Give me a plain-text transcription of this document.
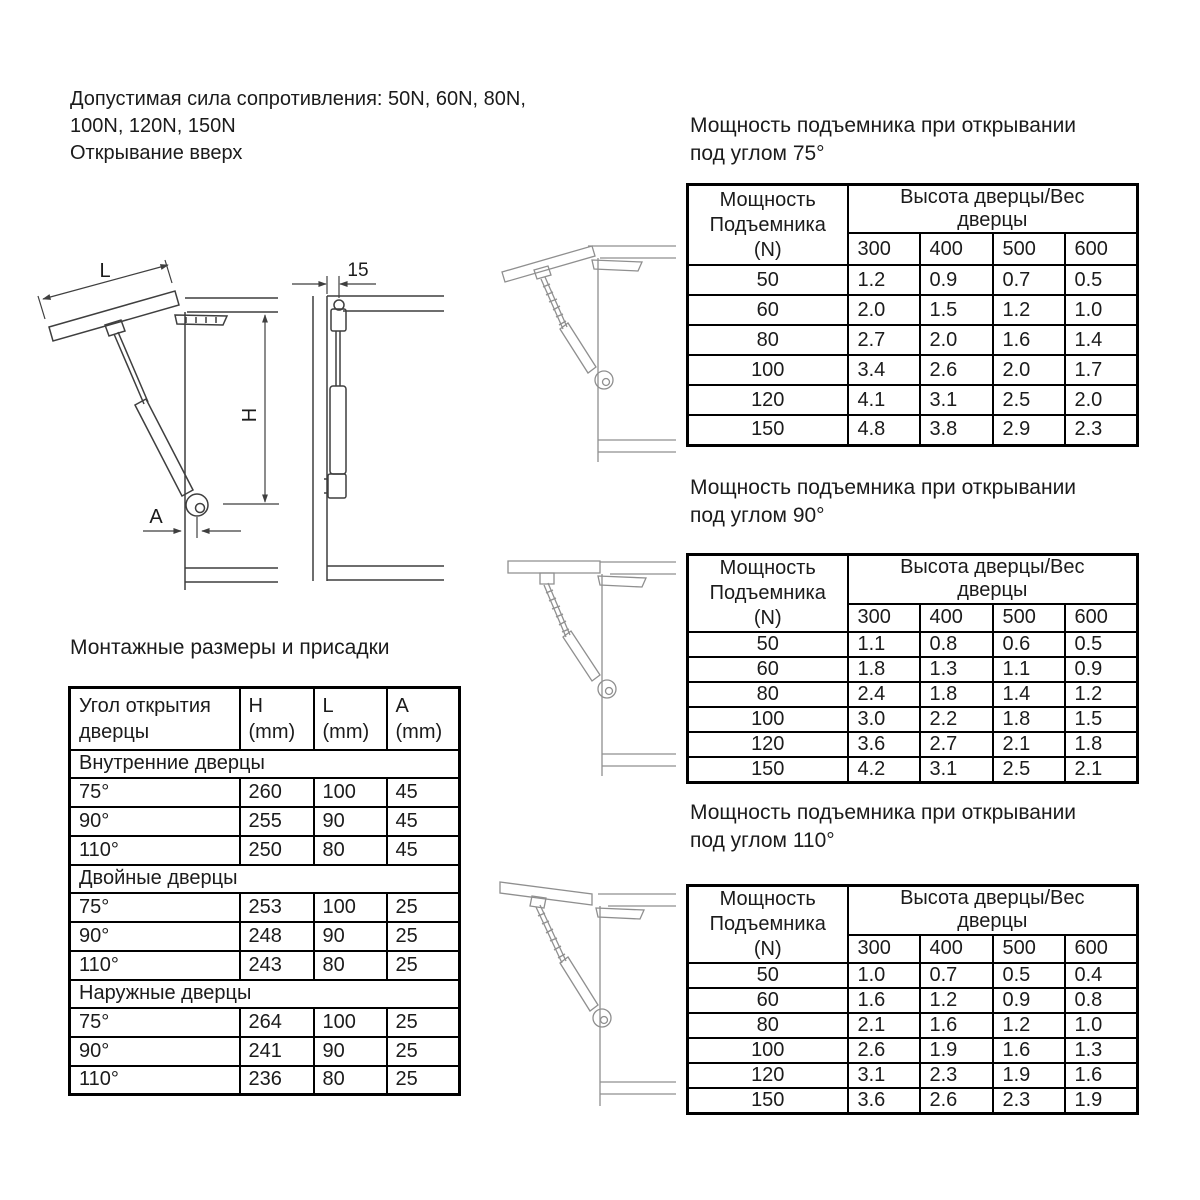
Допустимая сила сопротивления: 50N, 60N, 80N,
100N, 120N, 150N
Открывание вверх
L
H
A
15
Монтажные размеры и присадки
Угол открытия
дверцы

H
(mm)

L
(mm)

A
(mm)

Внутренние дверцы			
75°	260	100	45
90°	255	90	45
110°	250	80	45
Двойные дверцы			
75°	253	100	25
90°	248	90	25
110°	243	80	25
Наружные дверцы			
75°	264	100	25
90°	241	90	25
110°	236	80	25
Мощность подъемника при открывании
под углом 75°
Мощность
Подъемника
(N)

Высота дверцы/Вес
дверцы

	300	400	500	600
50	1.2	0.9	0.7	0.5
60	2.0	1.5	1.2	1.0
80	2.7	2.0	1.6	1.4
100	3.4	2.6	2.0	1.7
120	4.1	3.1	2.5	2.0
150	4.8	3.8	2.9	2.3
Мощность подъемника при открывании
под углом 90°
Мощность
Подъемника
(N)

Высота дверцы/Вес
дверцы

	300	400	500	600
50	1.1	0.8	0.6	0.5
60	1.8	1.3	1.1	0.9
80	2.4	1.8	1.4	1.2
100	3.0	2.2	1.8	1.5
120	3.6	2.7	2.1	1.8
150	4.2	3.1	2.5	2.1
Мощность подъемника при открывании
под углом 110°
Мощность
Подъемника
(N)

Высота дверцы/Вес
дверцы

	300	400	500	600
50	1.0	0.7	0.5	0.4
60	1.6	1.2	0.9	0.8
80	2.1	1.6	1.2	1.0
100	2.6	1.9	1.6	1.3
120	3.1	2.3	1.9	1.6
150	3.6	2.6	2.3	1.9
